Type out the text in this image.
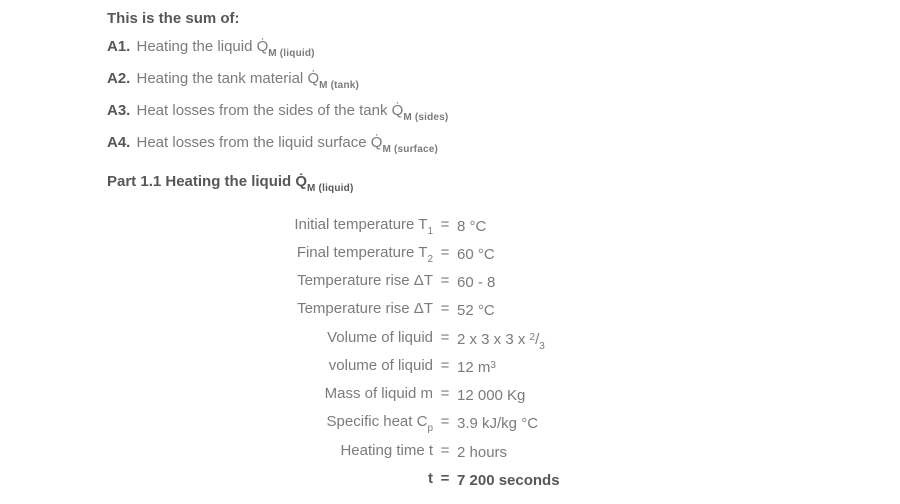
This is the sum of:
A1. Heating the liquid $Q̇_{M (liquid)}$
A2. Heating the tank material $Q̇_{M (tank)}$
A3. Heat losses from the sides of the tank $Q̇_{M (sides)}$
A4. Heat losses from the liquid surface $Q̇_{M (surface)}$
Part 1.1 Heating the liquid $Q̇_{M (liquid)}$
Initial temperature $T_1 = 8$ °C
Final temperature $T_2 = 60$ °C
Temperature rise ΔT = 60 - 8
Temperature rise ΔT = 52 °C
Volume of liquid = 2 x 3 x 3 x $^2/_3$
volume of liquid = 12 $m^3$
Mass of liquid m = 12 000 Kg
Specific heat $C_p = 3.9$ kJ/kg °C
Heating time t = 2 hours
t = 7 200 seconds
